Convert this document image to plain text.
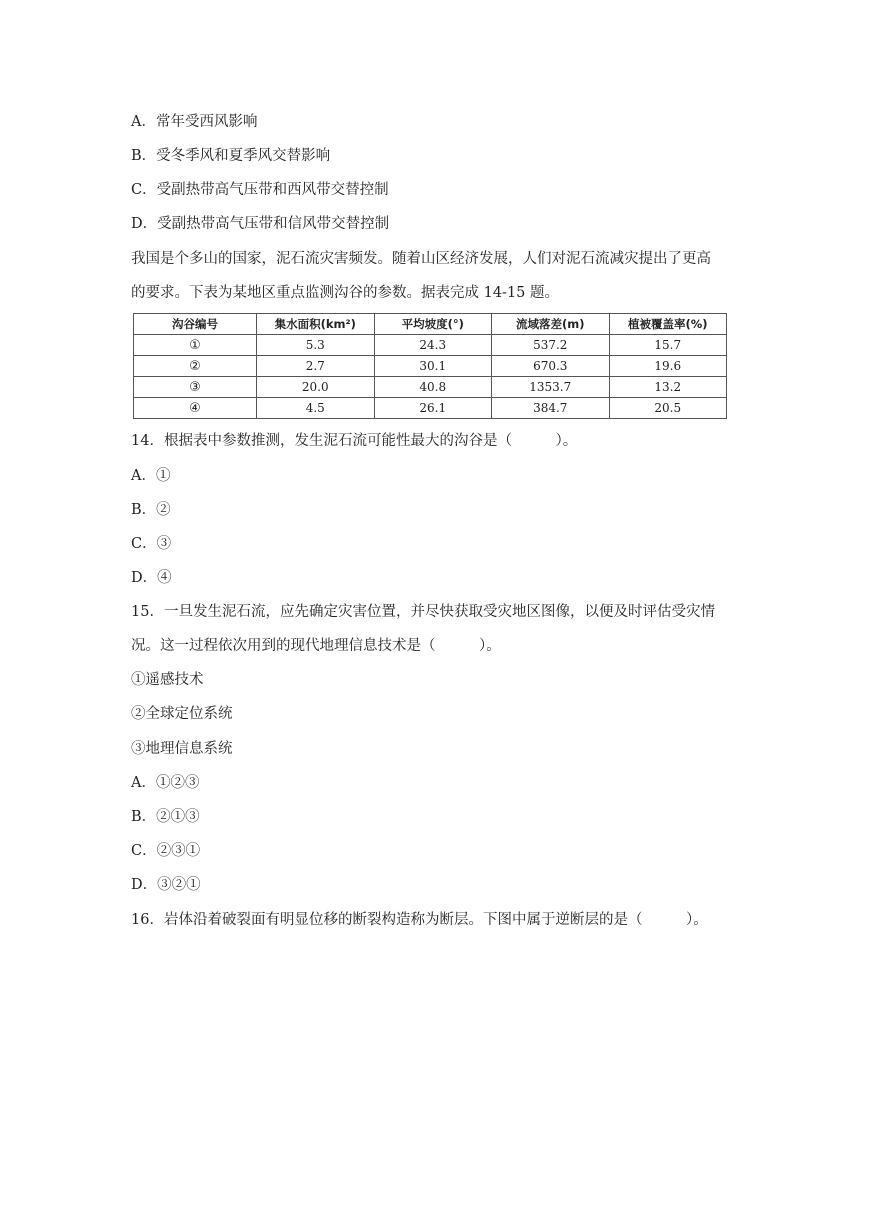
A．常年受西风影响
B．受冬季风和夏季风交替影响
C．受副热带高气压带和西风带交替控制
D．受副热带高气压带和信风带交替控制
我国是个多山的国家，泥石流灾害频发。随着山区经济发展，人们对泥石流减灾提出了更高
的要求。下表为某地区重点监测沟谷的参数。据表完成 14-15 题。
沟谷编号	集水面积(km²)	平均坡度(°)	流域落差(m)	植被覆盖率(%)
①	5.3	24.3	537.2	15.7
②	2.7	30.1	670.3	19.6
③	20.0	40.8	1353.7	13.2
④	4.5	26.1	384.7	20.5
14．根据表中参数推测，发生泥石流可能性最大的沟谷是（　　　）。
A．①
B．②
C．③
D．④
15．一旦发生泥石流，应先确定灾害位置，并尽快获取受灾地区图像，以便及时评估受灾情
况。这一过程依次用到的现代地理信息技术是（　　　）。
①遥感技术
②全球定位系统
③地理信息系统
A．①②③
B．②①③
C．②③①
D．③②①
16．岩体沿着破裂面有明显位移的断裂构造称为断层。下图中属于逆断层的是（　　　）。
